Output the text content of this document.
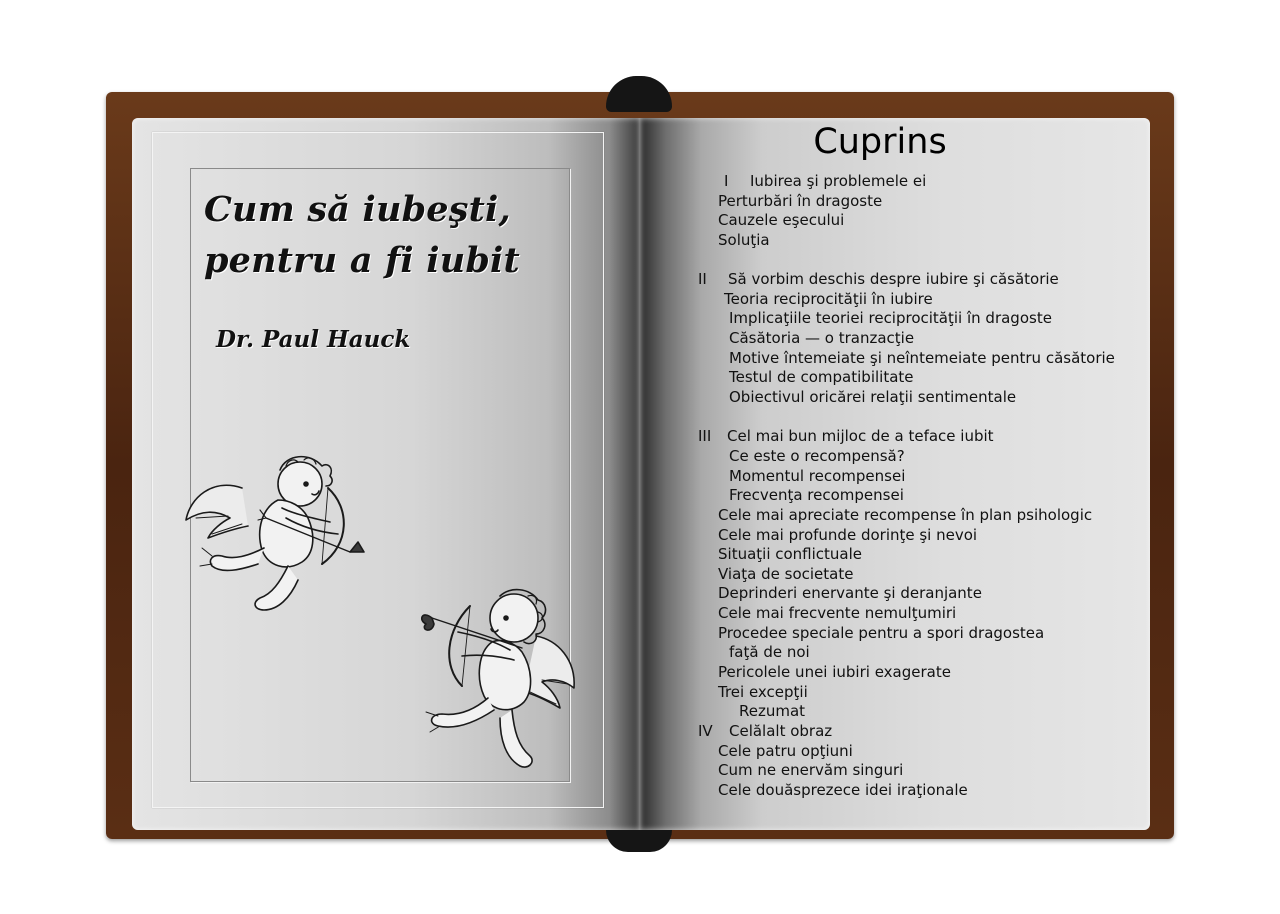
Cum să iubeşti,
pentru a fi iubit

Dr. Paul Hauck

Cuprins
I Iubirea şi problemele ei
Perturbări în dragoste
Cauzele eşecului
Soluţia
II Să vorbim deschis despre iubire şi căsătorie
Teoria reciprocităţii în iubire
Implicaţiile teoriei reciprocităţii în dragoste
Căsătoria — o tranzacţie
Motive întemeiate şi neîntemeiate pentru căsătorie
Testul de compatibilitate
Obiectivul oricărei relaţii sentimentale
III Cel mai bun mijloc de a teface iubit
Ce este o recompensă?
Momentul recompensei
Frecvenţa recompensei
Cele mai apreciate recompense în plan psihologic
Cele mai profunde dorinţe şi nevoi
Situaţii conflictuale
Viaţa de societate
Deprinderi enervante şi deranjante
Cele mai frecvente nemulţumiri
Procedee speciale pentru a spori dragostea
faţă de noi
Pericolele unei iubiri exagerate
Trei excepţii
Rezumat
IV Celălalt obraz
Cele patru opţiuni
Cum ne enervăm singuri
Cele douăsprezece idei iraţionale
